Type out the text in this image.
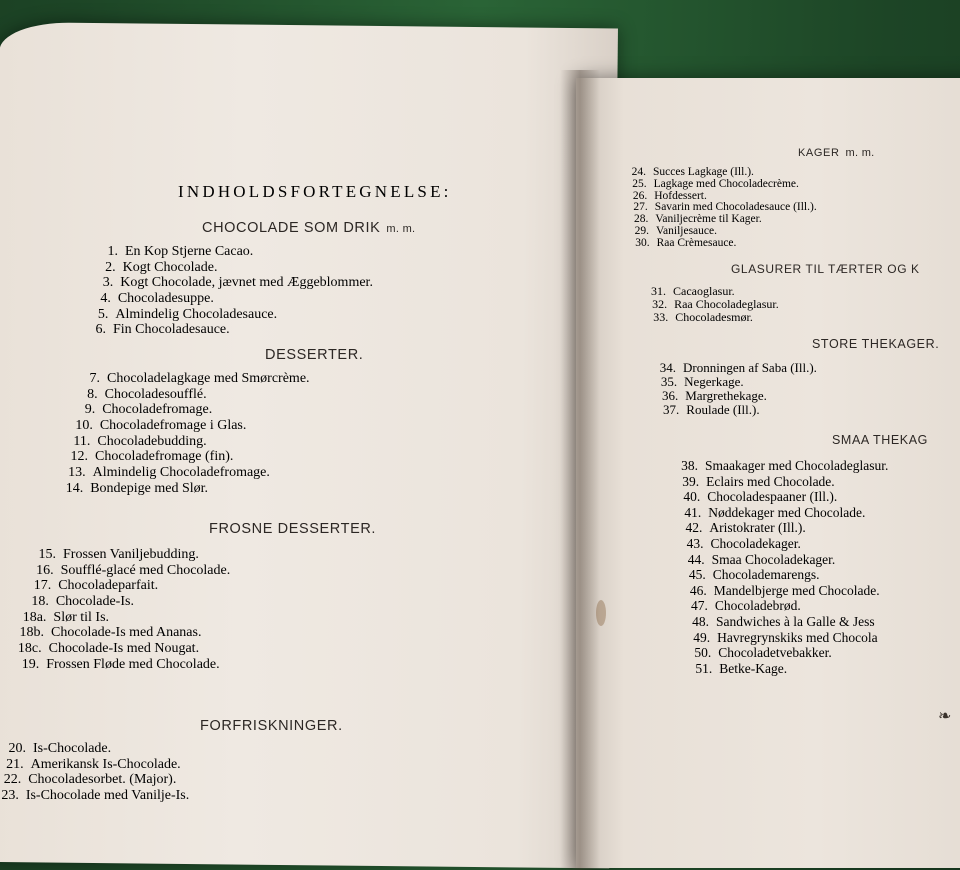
INDHOLDSFORTEGNELSE:
CHOCOLADE SOM DRIK m. m.
1. En Kop Stjerne Cacao.
2. Kogt Chocolade.
3. Kogt Chocolade, jævnet med Æggeblommer.
4. Chocoladesuppe.
5. Almindelig Chocoladesauce.
6. Fin Chocoladesauce.
DESSERTER.
7. Chocoladelagkage med Smørcrème.
8. Chocoladesoufflé.
9. Chocoladefromage.
10. Chocoladefromage i Glas.
11. Chocoladebudding.
12. Chocoladefromage (fin).
13. Almindelig Chocoladefromage.
14. Bondepige med Slør.
FROSNE DESSERTER.
15. Frossen Vaniljebudding.
16. Soufflé-glacé med Chocolade.
17. Chocoladeparfait.
18. Chocolade-Is.
18a. Slør til Is.
18b. Chocolade-Is med Ananas.
18c. Chocolade-Is med Nougat.
19. Frossen Fløde med Chocolade.
FORFRISKNINGER.
20. Is-Chocolade.
21. Amerikansk Is-Chocolade.
22. Chocoladesorbet. (Major).
23. Is-Chocolade med Vanilje-Is.
KAGER m. m.
24. Succes Lagkage (Ill.).
25. Lagkage med Chocoladecrème.
26. Hofdessert.
27. Savarin med Chocoladesauce (Ill.).
28. Vaniljecrème til Kager.
29. Vaniljesauce.
30. Raa Crèmesauce.
GLASURER TIL TÆRTER OG K
31. Cacaoglasur.
32. Raa Chocoladeglasur.
33. Chocoladesmør.
STORE THEKAGER.
34. Dronningen af Saba (Ill.).
35. Negerkage.
36. Margrethekage.
37. Roulade (Ill.).
SMAA THEKAG
38. Smaakager med Chocoladeglasur.
39. Eclairs med Chocolade.
40. Chocoladespaaner (Ill.).
41. Nøddekager med Chocolade.
42. Aristokrater (Ill.).
43. Chocoladekager.
44. Smaa Chocoladekager.
45. Chocolademarengs.
46. Mandelbjerge med Chocolade.
47. Chocoladebrød.
48. Sandwiches à la Galle & Jess
49. Havregrynskiks med Chocola
50. Chocoladetvebakker.
51. Betke-Kage.
❧
